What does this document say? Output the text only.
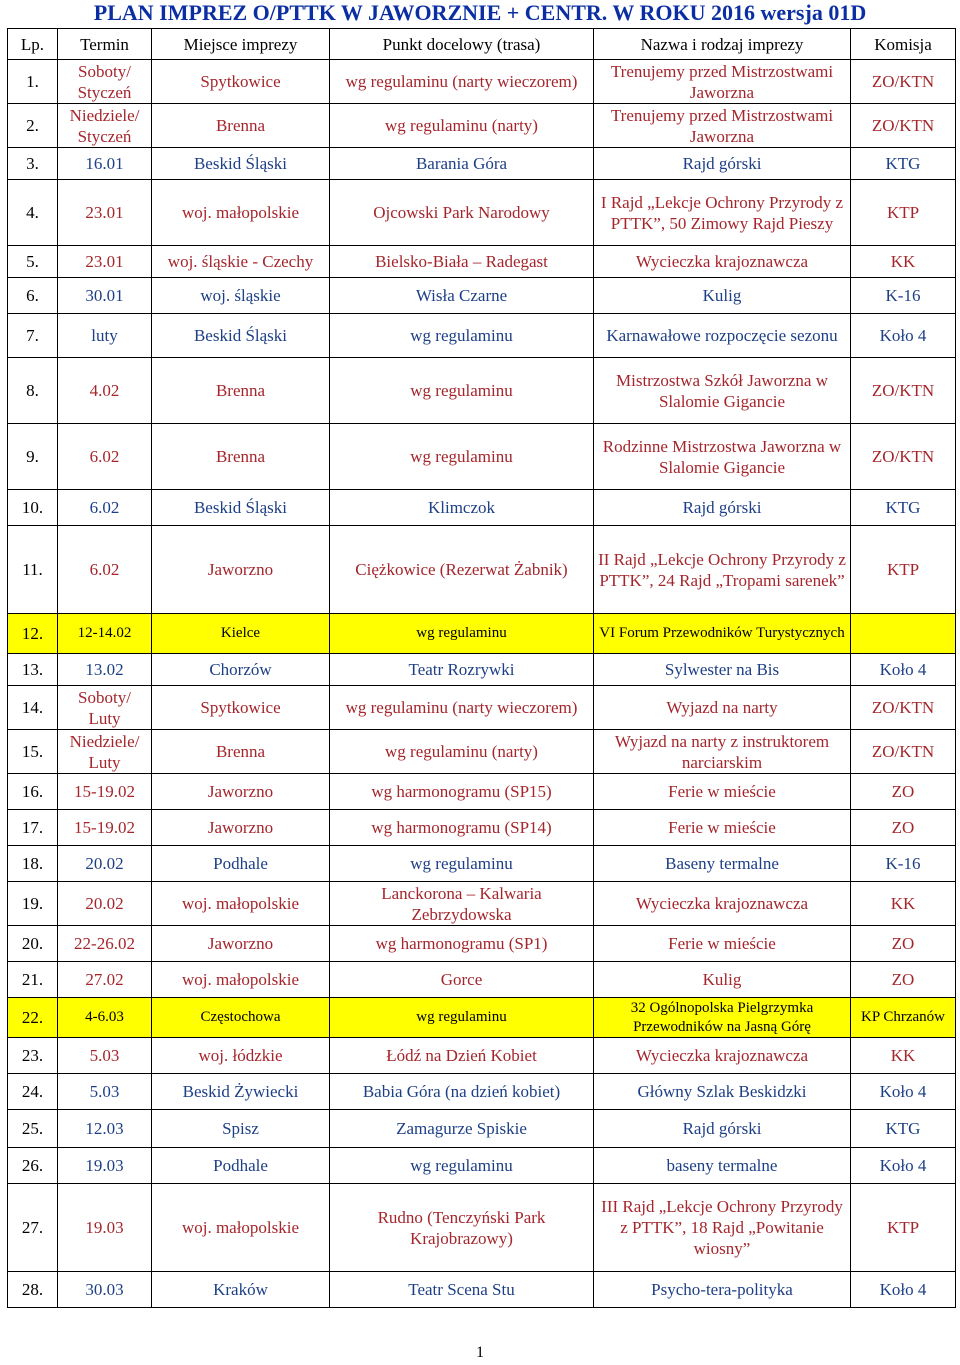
PLAN IMPREZ O/PTTK W JAWORZNIE + CENTR. W ROKU 2016 wersja 01D
Lp.	Termin	Miejsce imprezy	Punkt docelowy (trasa)	Nazwa i rodzaj imprezy	Komisja
1.	Soboty/ Styczeń	Spytkowice	wg regulaminu (narty wieczorem)	Trenujemy przed Mistrzostwami Jaworzna	ZO/KTN
2.	Niedziele/ Styczeń	Brenna	wg regulaminu (narty)	Trenujemy przed Mistrzostwami Jaworzna	ZO/KTN
3.	16.01	Beskid Śląski	Barania Góra	Rajd górski	KTG
4.	23.01	woj. małopolskie	Ojcowski Park Narodowy	I Rajd „Lekcje Ochrony Przyrody z PTTK”, 50 Zimowy Rajd Pieszy	KTP
5.	23.01	woj. śląskie - Czechy	Bielsko-Biała – Radegast	Wycieczka krajoznawcza	KK
6.	30.01	woj. śląskie	Wisła Czarne	Kulig	K-16
7.	luty	Beskid Śląski	wg regulaminu	Karnawałowe rozpoczęcie sezonu	Koło 4
8.	4.02	Brenna	wg regulaminu	Mistrzostwa Szkół Jaworzna w Slalomie Gigancie	ZO/KTN
9.	6.02	Brenna	wg regulaminu	Rodzinne Mistrzostwa Jaworzna w Slalomie Gigancie	ZO/KTN
10.	6.02	Beskid Śląski	Klimczok	Rajd górski	KTG
11.	6.02	Jaworzno	Ciężkowice (Rezerwat Żabnik)	II Rajd „Lekcje Ochrony Przyrody z PTTK”, 24 Rajd „Tropami sarenek”	KTP
12.	12-14.02	Kielce	wg regulaminu	VI Forum Przewodników Turystycznych	
13.	13.02	Chorzów	Teatr Rozrywki	Sylwester na Bis	Koło 4
14.	Soboty/ Luty	Spytkowice	wg regulaminu (narty wieczorem)	Wyjazd na narty	ZO/KTN
15.	Niedziele/ Luty	Brenna	wg regulaminu (narty)	Wyjazd na narty z instruktorem narciarskim	ZO/KTN
16.	15-19.02	Jaworzno	wg harmonogramu (SP15)	Ferie w mieście	ZO
17.	15-19.02	Jaworzno	wg harmonogramu (SP14)	Ferie w mieście	ZO
18.	20.02	Podhale	wg regulaminu	Baseny termalne	K-16
19.	20.02	woj. małopolskie	Lanckorona – Kalwaria Zebrzydowska	Wycieczka krajoznawcza	KK
20.	22-26.02	Jaworzno	wg harmonogramu (SP1)	Ferie w mieście	ZO
21.	27.02	woj. małopolskie	Gorce	Kulig	ZO
22.	4-6.03	Częstochowa	wg regulaminu	32 Ogólnopolska Pielgrzymka Przewodników na Jasną Górę	KP Chrzanów
23.	5.03	woj. łódzkie	Łódź na Dzień Kobiet	Wycieczka krajoznawcza	KK
24.	5.03	Beskid Żywiecki	Babia Góra (na dzień kobiet)	Główny Szlak Beskidzki	Koło 4
25.	12.03	Spisz	Zamagurze Spiskie	Rajd górski	KTG
26.	19.03	Podhale	wg regulaminu	baseny termalne	Koło 4
27.	19.03	woj. małopolskie	Rudno (Tenczyński Park Krajobrazowy)	III Rajd „Lekcje Ochrony Przyrody z PTTK”, 18 Rajd „Powitanie wiosny”	KTP
28.	30.03	Kraków	Teatr Scena Stu	Psycho-tera-polityka	Koło 4
1
